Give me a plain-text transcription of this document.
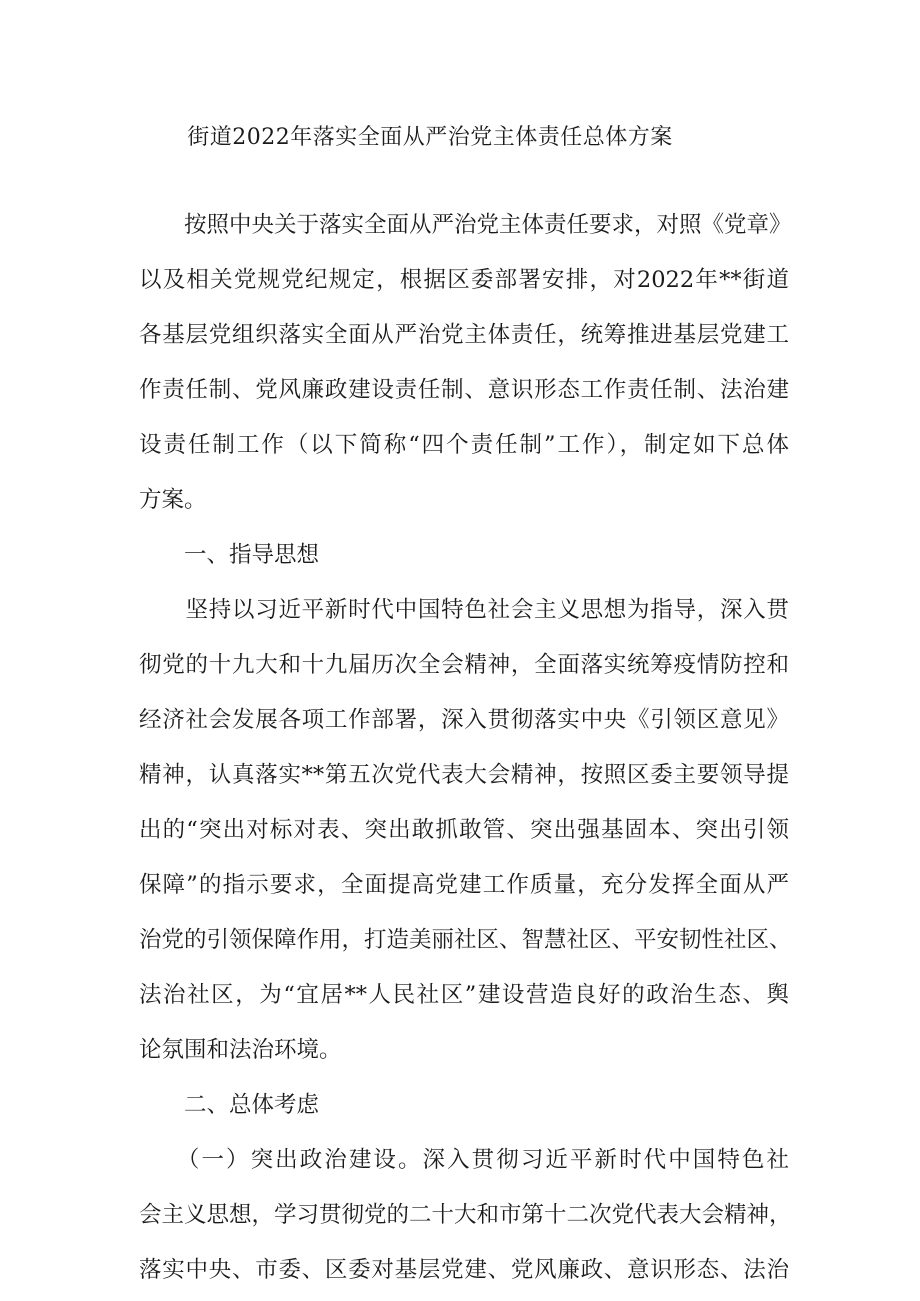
街道2022年落实全面从严治党主体责任总体方案
　　按照中央关于落实全面从严治党主体责任要求，对照《党章》
以及相关党规党纪规定，根据区委部署安排，对2022年**街道
各基层党组织落实全面从严治党主体责任，统筹推进基层党建工
作责任制、党风廉政建设责任制、意识形态工作责任制、法治建
设责任制工作（以下简称“四个责任制”工作），制定如下总体
方案。
　　一、指导思想
　　坚持以习近平新时代中国特色社会主义思想为指导，深入贯
彻党的十九大和十九届历次全会精神，全面落实统筹疫情防控和
经济社会发展各项工作部署，深入贯彻落实中央《引领区意见》
精神，认真落实**第五次党代表大会精神，按照区委主要领导提
出的“突出对标对表、突出敢抓敢管、突出强基固本、突出引领
保障”的指示要求，全面提高党建工作质量，充分发挥全面从严
治党的引领保障作用，打造美丽社区、智慧社区、平安韧性社区、
法治社区，为“宜居**人民社区”建设营造良好的政治生态、舆
论氛围和法治环境。
　　二、总体考虑
　　（一）突出政治建设。深入贯彻习近平新时代中国特色社
会主义思想，学习贯彻党的二十大和市第十二次党代表大会精神，
落实中央、市委、区委对基层党建、党风廉政、意识形态、法治
